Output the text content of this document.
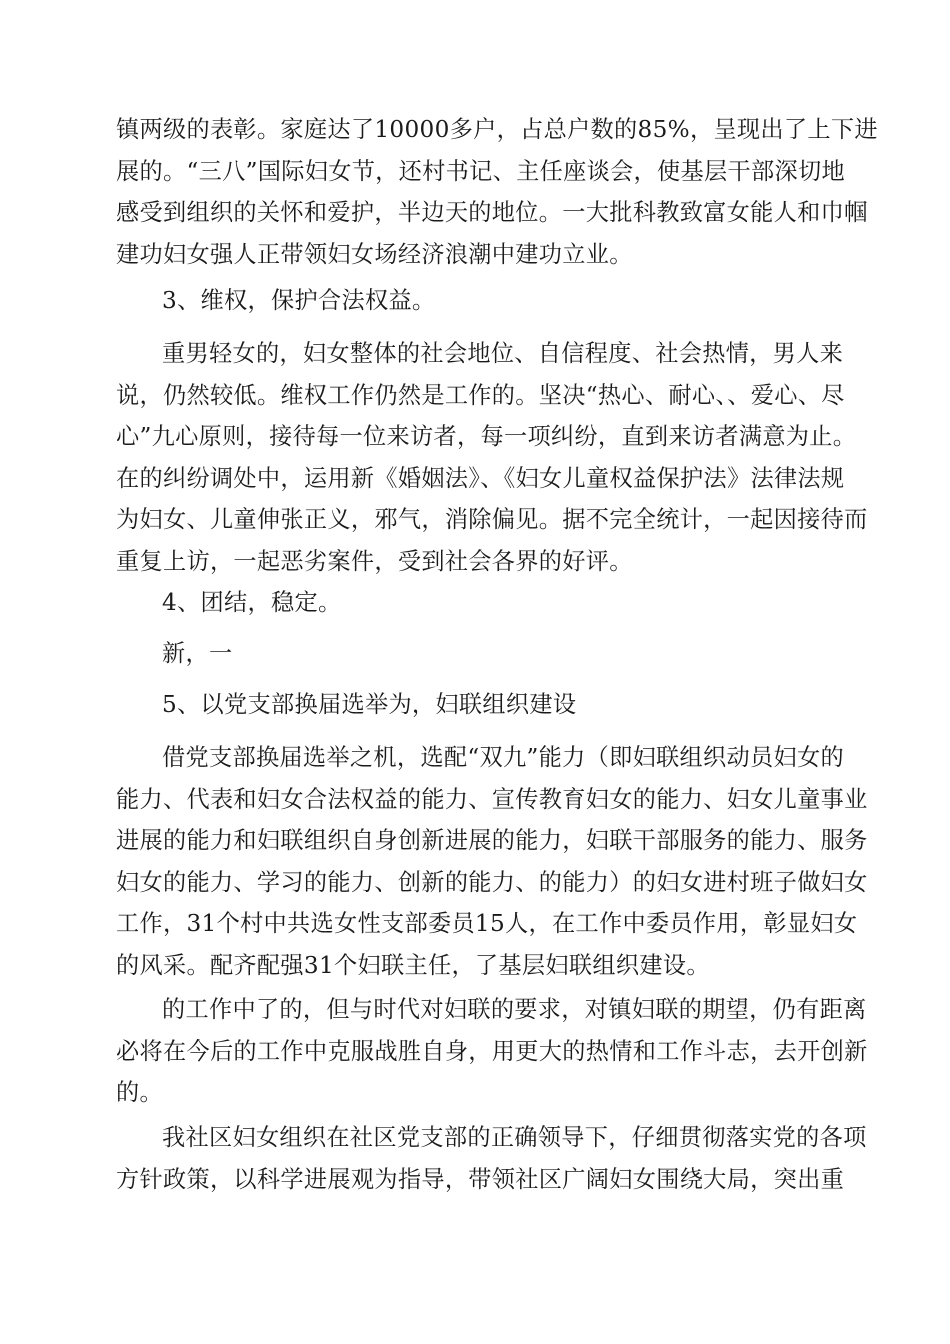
镇两级的表彰。家庭达了10000多户，占总户数的85%，呈现出了上下进
展的。“三八”国际妇女节，还村书记、主任座谈会，使基层干部深切地
感受到组织的关怀和爱护，半边天的地位。一大批科教致富女能人和巾帼
建功妇女强人正带领妇女场经济浪潮中建功立业。
3、维权，保护合法权益。
重男轻女的，妇女整体的社会地位、自信程度、社会热情，男人来
说，仍然较低。维权工作仍然是工作的。坚决“热心、耐心、、爱心、尽
心”九心原则，接待每一位来访者，每一项纠纷，直到来访者满意为止。
在的纠纷调处中，运用新《婚姻法》、《妇女儿童权益保护法》法律法规
为妇女、儿童伸张正义，邪气，消除偏见。据不完全统计，一起因接待而
重复上访，一起恶劣案件，受到社会各界的好评。
4、团结，稳定。
新，一
5、以党支部换届选举为，妇联组织建设
借党支部换届选举之机，选配“双九”能力（即妇联组织动员妇女的
能力、代表和妇女合法权益的能力、宣传教育妇女的能力、妇女儿童事业
进展的能力和妇联组织自身创新进展的能力，妇联干部服务的能力、服务
妇女的能力、学习的能力、创新的能力、的能力）的妇女进村班子做妇女
工作，31个村中共选女性支部委员15人，在工作中委员作用，彰显妇女
的风采。配齐配强31个妇联主任，了基层妇联组织建设。
的工作中了的，但与时代对妇联的要求，对镇妇联的期望，仍有距离
必将在今后的工作中克服战胜自身，用更大的热情和工作斗志，去开创新
的。
我社区妇女组织在社区党支部的正确领导下，仔细贯彻落实党的各项
方针政策，以科学进展观为指导，带领社区广阔妇女围绕大局，突出重
